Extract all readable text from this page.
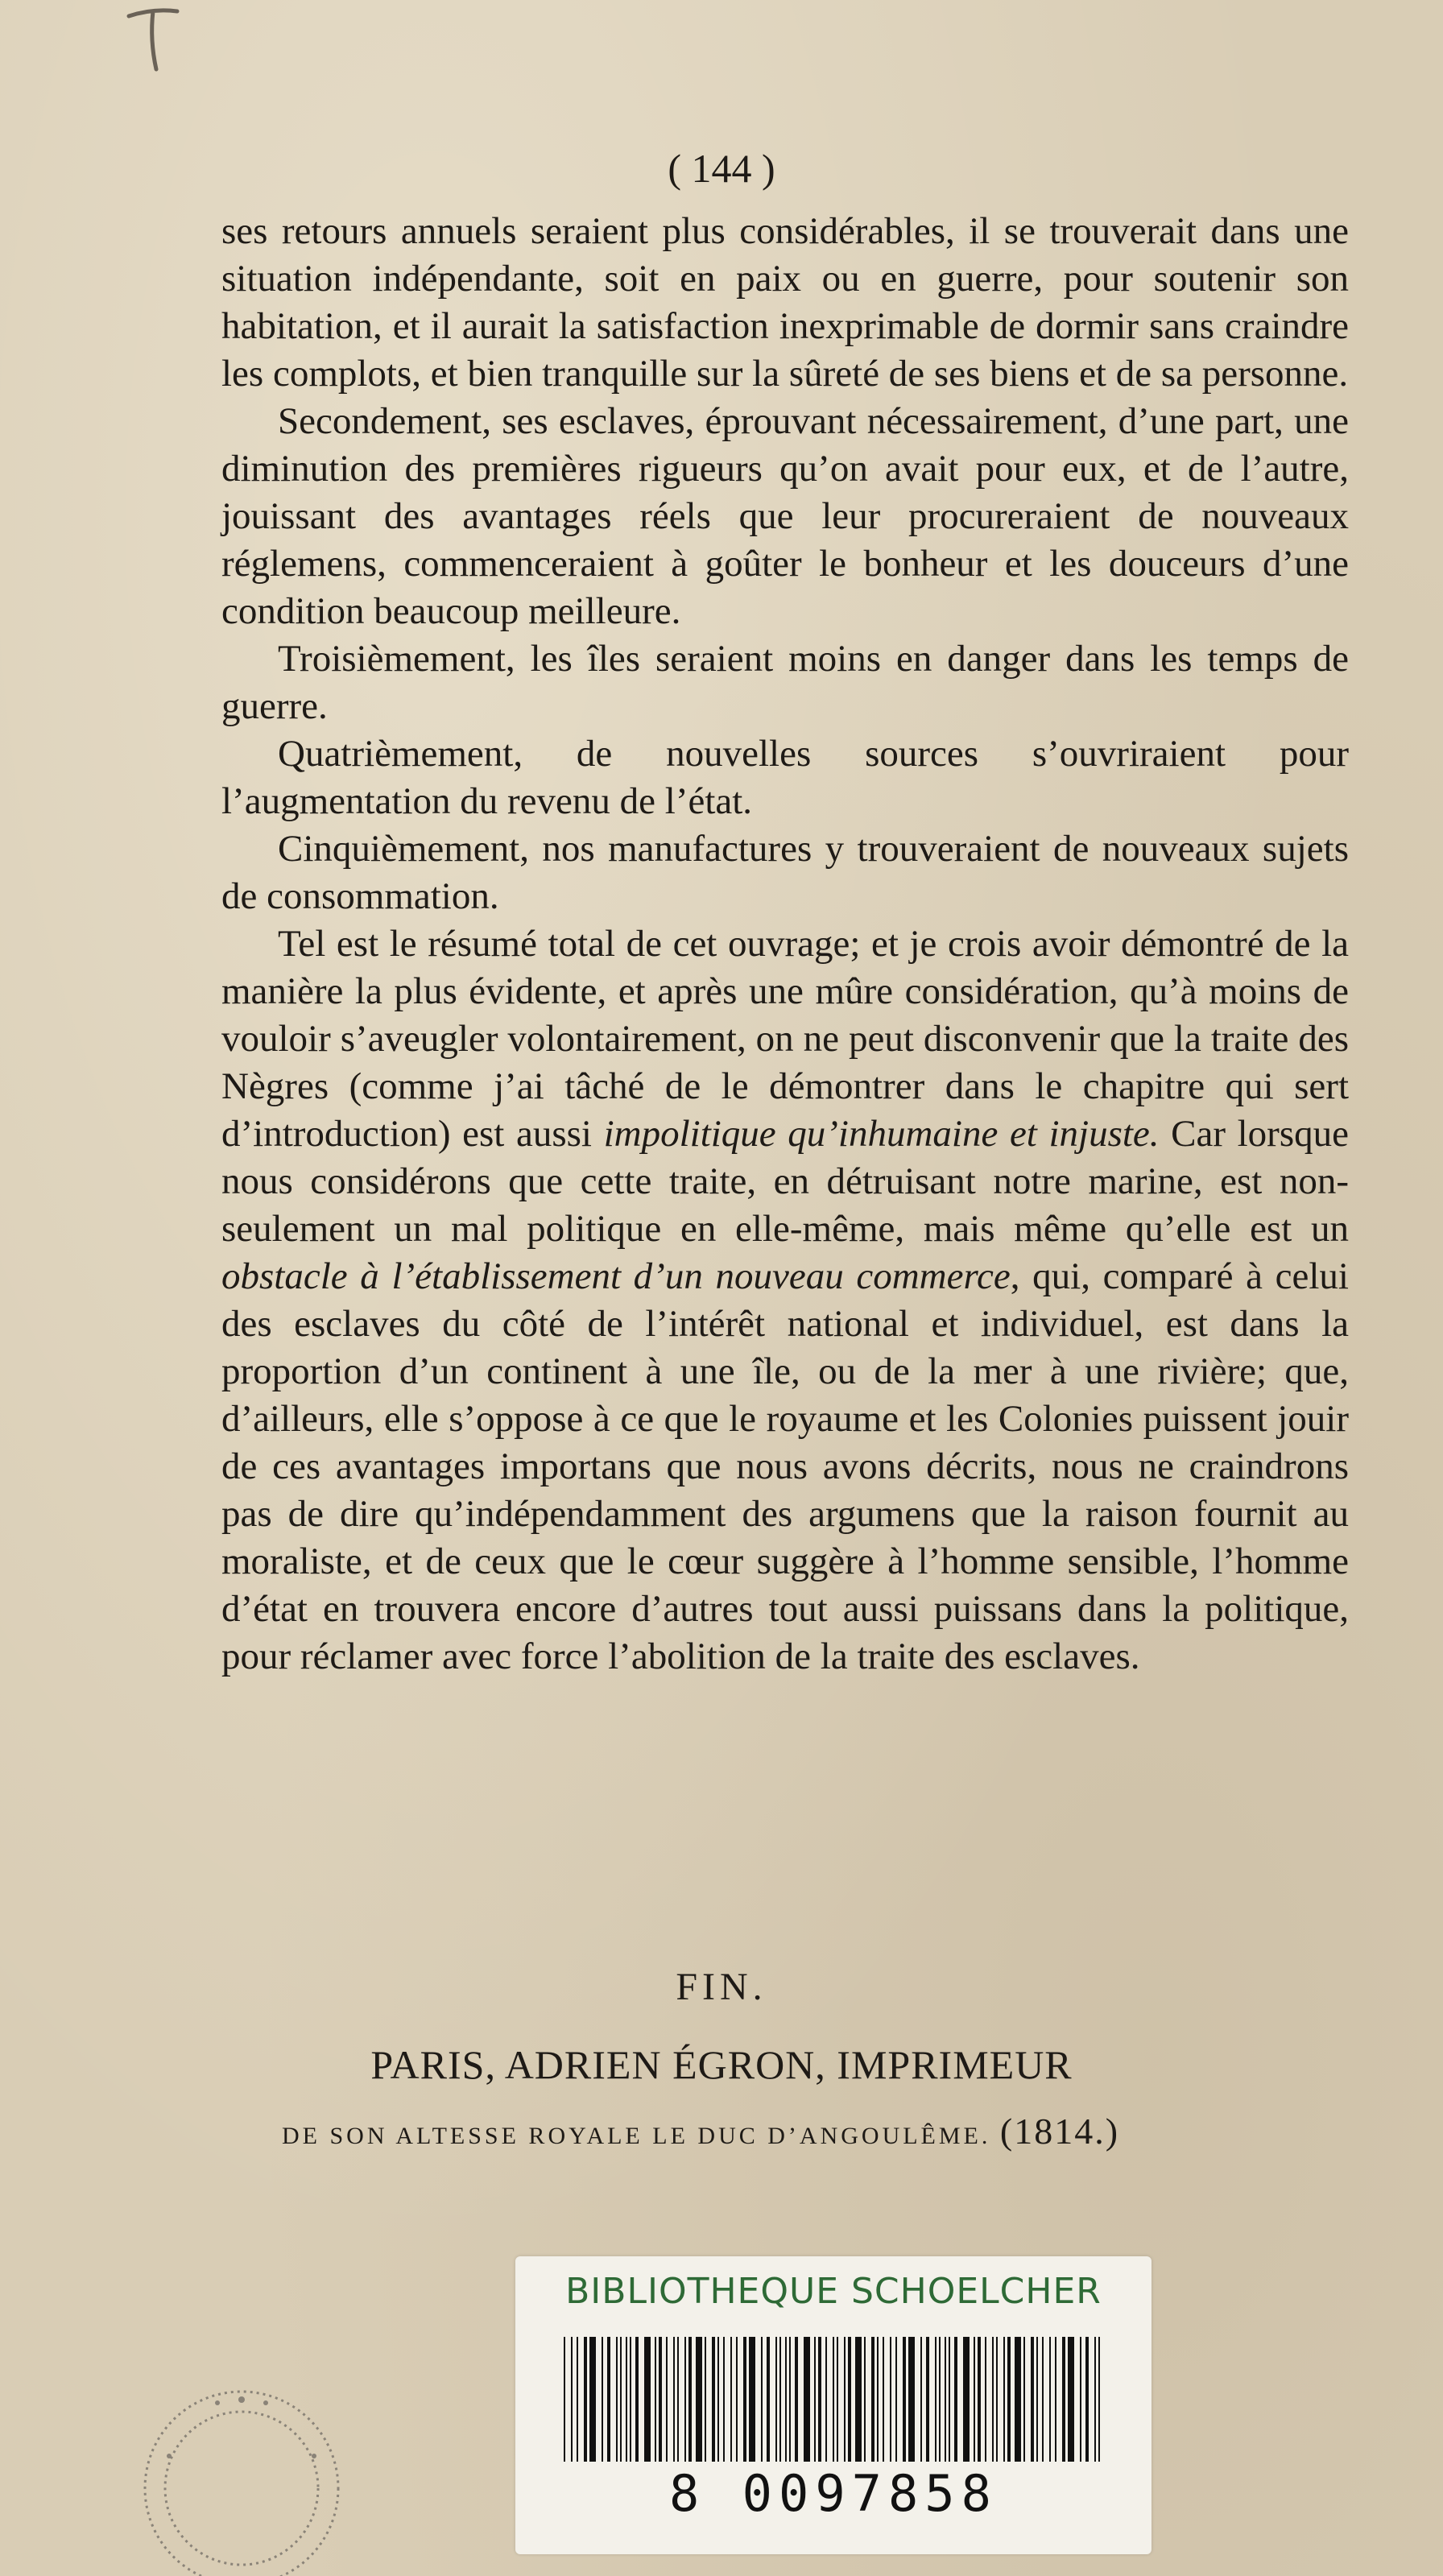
( 144 )

ses retours annuels seraient plus considérables, il se trouverait dans une situation indépendante, soit en paix ou en guerre, pour soutenir son habitation, et il aurait la satisfaction inexprimable de dormir sans craindre les complots, et bien tranquille sur la sûreté de ses biens et de sa personne.

Secondement, ses esclaves, éprouvant nécessairement, d’une part, une diminution des premières rigueurs qu’on avait pour eux, et de l’autre, jouissant des avantages réels que leur procureraient de nouveaux réglemens, commenceraient à goûter le bonheur et les douceurs d’une condition beaucoup meilleure.

Troisièmement, les îles seraient moins en danger dans les temps de guerre.

Quatrièmement, de nouvelles sources s’ouvriraient pour l’augmentation du revenu de l’état.

Cinquièmement, nos manufactures y trouveraient de nouveaux sujets de consommation.

Tel est le résumé total de cet ouvrage; et je crois avoir démontré de la manière la plus évidente, et après une mûre considération, qu’à moins de vouloir s’aveugler volontairement, on ne peut disconvenir que la traite des Nègres (comme j’ai tâché de le démontrer dans le chapitre qui sert d’introduction) est aussi impolitique qu’inhumaine et injuste. Car lorsque nous considérons que cette traite, en détruisant notre marine, est non-seulement un mal politique en elle-même, mais même qu’elle est un obstacle à l’établissement d’un nouveau commerce, qui, comparé à celui des esclaves du côté de l’intérêt national et individuel, est dans la proportion d’un continent à une île, ou de la mer à une rivière; que, d’ailleurs, elle s’oppose à ce que le royaume et les Colonies puissent jouir de ces avantages importans que nous avons décrits, nous ne craindrons pas de dire qu’indépendamment des argumens que la raison fournit au moraliste, et de ceux que le cœur suggère à l’homme sensible, l’homme d’état en trouvera encore d’autres tout aussi puissans dans la politique, pour réclamer avec force l’abolition de la traite des esclaves.

FIN.
PARIS, ADRIEN ÉGRON, IMPRIMEUR
DE SON ALTESSE ROYALE LE DUC D’ANGOULÊME. (1814.)
BIBLIOTHEQUE SCHOELCHER
8 0097858
